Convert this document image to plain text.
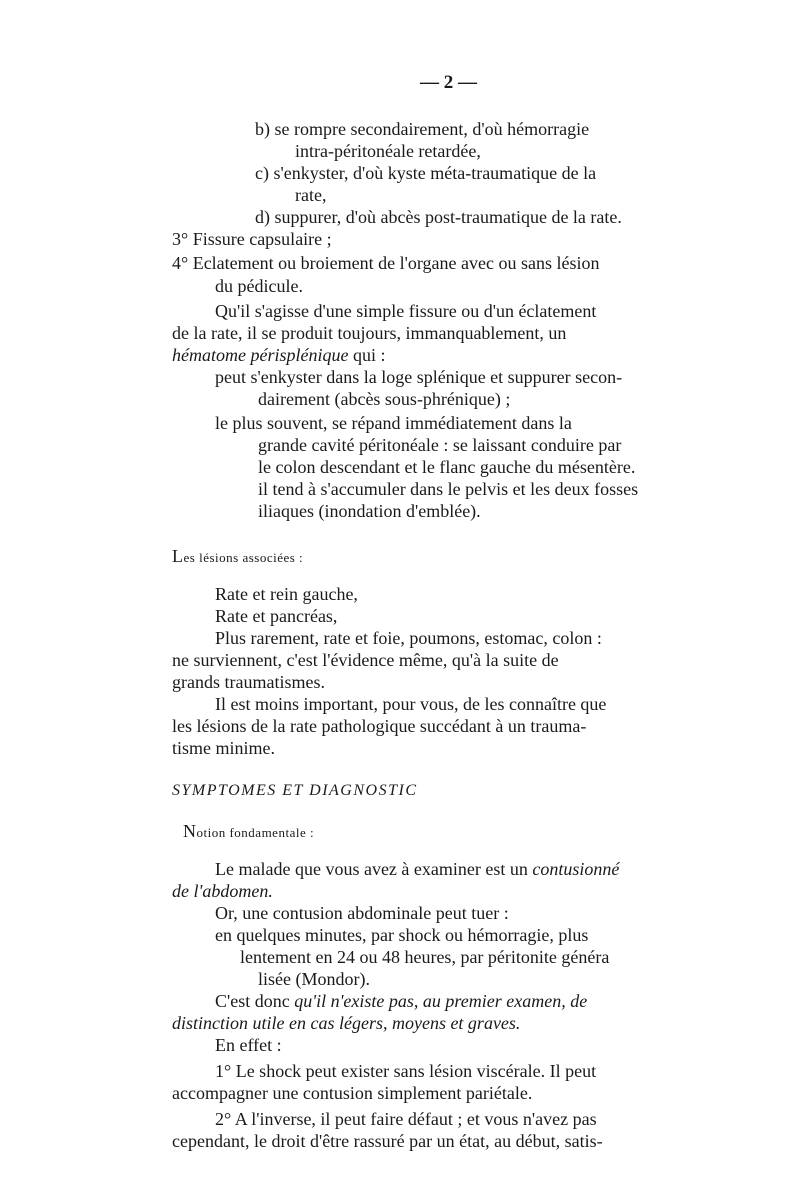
— 2 —
b) se rompre secondairement, d'où hémorragie
intra-péritonéale retardée,
c) s'enkyster, d'où kyste méta-traumatique de la
rate,
d) suppurer, d'où abcès post-traumatique de la rate.
3° Fissure capsulaire ;
4° Eclatement ou broiement de l'organe avec ou sans lésion
du pédicule.
Qu'il s'agisse d'une simple fissure ou d'un éclatement
de la rate, il se produit toujours, immanquablement, un
hématome périsplénique qui :
peut s'enkyster dans la loge splénique et suppurer secon-
dairement (abcès sous-phrénique) ;
le plus souvent, se répand immédiatement dans la
grande cavité péritonéale : se laissant conduire par
le colon descendant et le flanc gauche du mésentère.
il tend à s'accumuler dans le pelvis et les deux fosses
iliaques (inondation d'emblée).
Les lésions associées :
Rate et rein gauche,
Rate et pancréas,
Plus rarement, rate et foie, poumons, estomac, colon :
ne surviennent, c'est l'évidence même, qu'à la suite de
grands traumatismes.
Il est moins important, pour vous, de les connaître que
les lésions de la rate pathologique succédant à un trauma-
tisme minime.
SYMPTOMES ET DIAGNOSTIC
Notion fondamentale :
Le malade que vous avez à examiner est un contusionné
de l'abdomen.
Or, une contusion abdominale peut tuer :
en quelques minutes, par shock ou hémorragie, plus
lentement en 24 ou 48 heures, par péritonite généra
lisée (Mondor).
C'est donc qu'il n'existe pas, au premier examen, de
distinction utile en cas légers, moyens et graves.
En effet :
1° Le shock peut exister sans lésion viscérale. Il peut
accompagner une contusion simplement pariétale.
2° A l'inverse, il peut faire défaut ; et vous n'avez pas
cependant, le droit d'être rassuré par un état, au début, satis-
